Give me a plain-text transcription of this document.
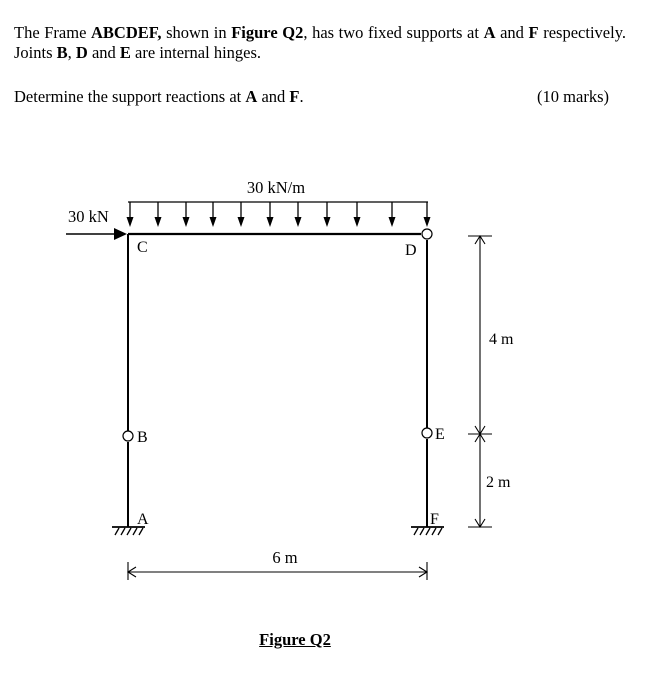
The Frame ABCDEF, shown in Figure Q2, has two fixed supports at A and F respectively. Joints B, D and E are internal hinges.
Determine the support reactions at A and F.	(10 marks)
30 kN/m
30 kN
C	D
B	E
A	F
4 m
2 m
6 m
Figure Q2
